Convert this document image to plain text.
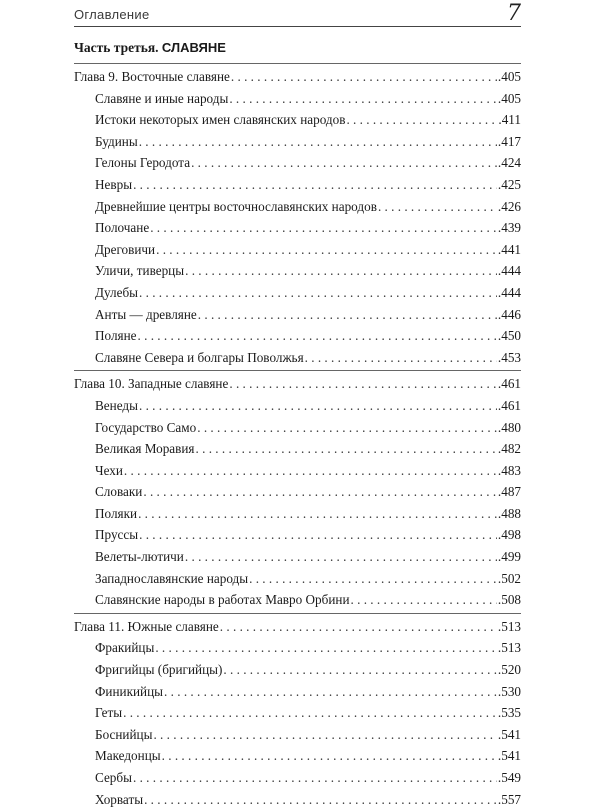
Оглавление	7
Часть третья. СЛАВЯНЕ
Глава 9. Восточные славяне . . .	.405
Славяне и иные народы . . .	.405
Истоки некоторых имен славянских народов . . .	.411
Будины . . .	.417
Гелоны Геродота . . .	.424
Невры . . .	.425
Древнейшие центры восточнославянских народов . . .	.426
Полочане . . .	.439
Дреговичи . . .	.441
Уличи, тиверцы . . .	.444
Дулебы . . .	.444
Анты — древляне . . .	.446
Поляне . . .	.450
Славяне Севера и болгары Поволжья . . .	.453
Глава 10. Западные славяне . . .	.461
Венеды . . .	.461
Государство Само . . .	.480
Великая Моравия . . .	.482
Чехи . . .	.483
Словаки . . .	.487
Поляки . . .	.488
Пруссы . . .	.498
Велеты-лютичи . . .	.499
Западнославянские народы . . .	.502
Славянские народы в работах Мавро Орбини . . .	.508
Глава 11. Южные славяне . . .	.513
Фракийцы . . .	.513
Фригийцы (бригийцы) . . .	.520
Финикийцы . . .	.530
Геты . . .	.535
Боснийцы . . .	.541
Македонцы . . .	.541
Сербы . . .	.549
Хорваты . . .	.557
